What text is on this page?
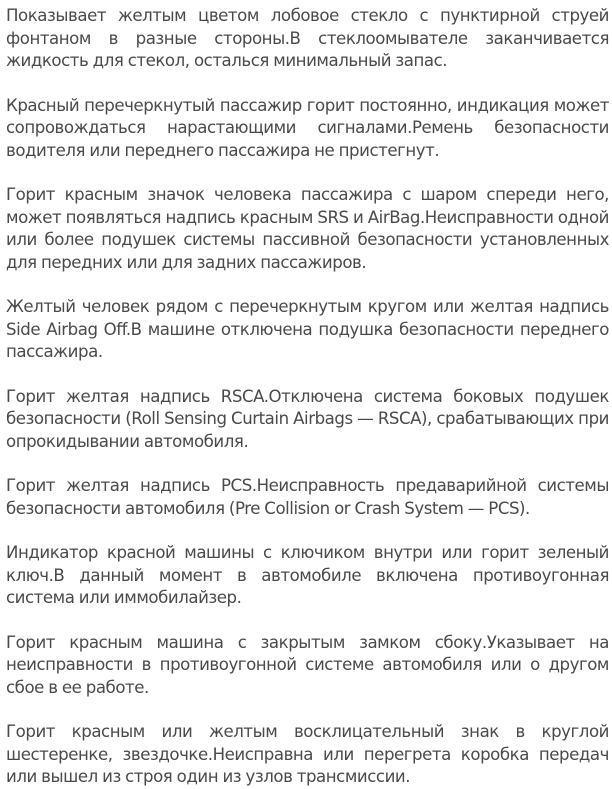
Показывает желтым цветом лобовое стекло с пунктирной струей фонтаном в разные стороны.В стеклоомывателе заканчивается жидкость для стекол, осталься минимальный запас.

Красный перечеркнутый пассажир горит постоянно, индикация может сопровождаться нарастающими сигналами.Ремень безопасности водителя или переднего пассажира не пристегнут.

Горит красным значок человека пассажира с шаром спереди него, может появляться надпись красным SRS и AirBag.Неисправности одной или более подушек системы пассивной безопасности установленных для передних или для задних пассажиров.

Желтый человек рядом с перечеркнутым кругом или желтая надпись Side Airbag Off.В машине отключена подушка безопасности переднего пассажира.

Горит желтая надпись RSCA.Отключена система боковых подушек безопасности (Roll Sensing Curtain Airbags — RSCA), срабатывающих при опрокидывании автомобиля.

Горит желтая надпись PCS.Неисправность предаварийной системы безопасности автомобиля (Pre Collision or Crash System — PCS).

Индикатор красной машины с ключиком внутри или горит зеленый ключ.В данный момент в автомобиле включена противоугонная система или иммобилайзер.

Горит красным машина с закрытым замком сбоку.Указывает на неисправности в противоугонной системе автомобиля или о другом сбое в ее работе.

Горит красным или желтым восклицательный знак в круглой шестеренке, звездочке.Неисправна или перегрета коробка передач или вышел из строя один из узлов трансмиссии.
